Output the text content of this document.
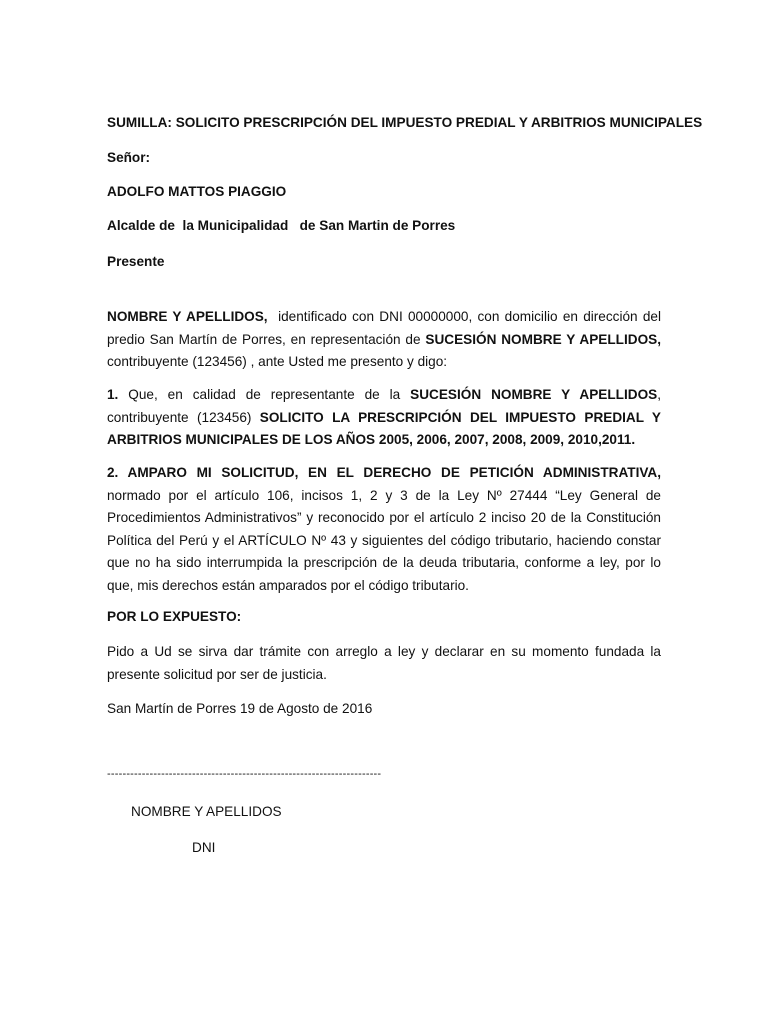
SUMILLA: SOLICITO PRESCRIPCIÓN DEL IMPUESTO PREDIAL Y ARBITRIOS MUNICIPALES
Señor:
ADOLFO MATTOS PIAGGIO
Alcalde de  la Municipalidad   de San Martin de Porres
Presente
NOMBRE Y APELLIDOS,  identificado con DNI 00000000, con domicilio en dirección del predio San Martín de Porres, en representación de SUCESIÓN NOMBRE Y APELLIDOS, contribuyente (123456) , ante Usted me presento y digo:
1. Que, en calidad de representante de la SUCESIÓN NOMBRE Y APELLIDOS, contribuyente (123456) SOLICITO LA PRESCRIPCIÓN DEL IMPUESTO PREDIAL Y ARBITRIOS MUNICIPALES DE LOS AÑOS 2005, 2006, 2007, 2008, 2009, 2010,2011.
2. AMPARO MI SOLICITUD, EN EL DERECHO DE PETICIÓN ADMINISTRATIVA, normado por el artículo 106, incisos 1, 2 y 3 de la Ley Nº 27444 “Ley General de Procedimientos Administrativos” y reconocido por el artículo 2 inciso 20 de la Constitución Política del Perú y el ARTÍCULO Nº 43 y siguientes del código tributario, haciendo constar que no ha sido interrumpida la prescripción de la deuda tributaria, conforme a ley, por lo que, mis derechos están amparados por el código tributario.
POR LO EXPUESTO:
Pido a Ud se sirva dar trámite con arreglo a ley y declarar en su momento fundada la presente solicitud por ser de justicia.
San Martín de Porres 19 de Agosto de 2016
-----------------------------------------------------------------------
NOMBRE Y APELLIDOS
DNI
